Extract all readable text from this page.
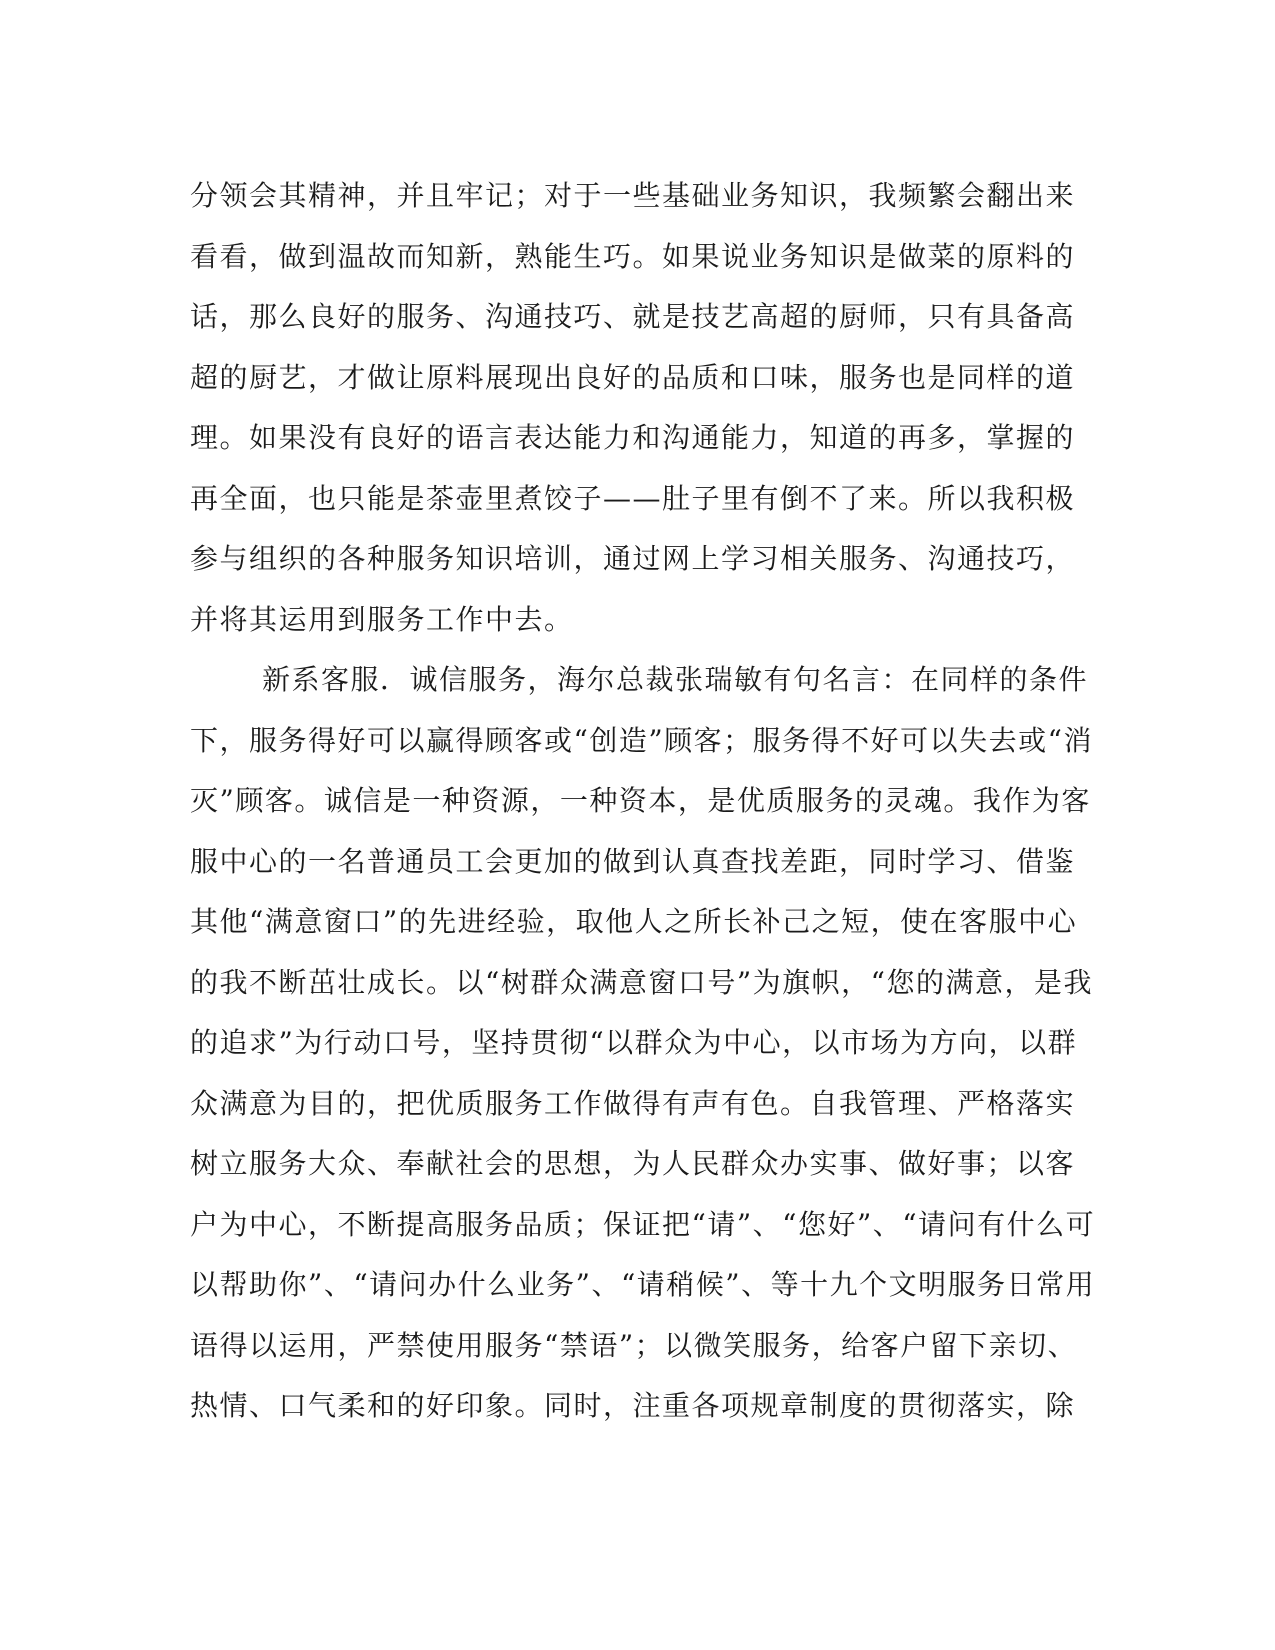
分领会其精神，并且牢记；对于一些基础业务知识，我频繁会翻出来
看看，做到温故而知新，熟能生巧。如果说业务知识是做菜的原料的
话，那么良好的服务、沟通技巧、就是技艺高超的厨师，只有具备高
超的厨艺，才做让原料展现出良好的品质和口味，服务也是同样的道
理。如果没有良好的语言表达能力和沟通能力，知道的再多，掌握的
再全面，也只能是茶壶里煮饺子——肚子里有倒不了来。所以我积极
参与组织的各种服务知识培训，通过网上学习相关服务、沟通技巧，
并将其运用到服务工作中去。
新系客服．诚信服务，海尔总裁张瑞敏有句名言：在同样的条件
下，服务得好可以赢得顾客或“创造”顾客；服务得不好可以失去或“消
灭”顾客。诚信是一种资源，一种资本，是优质服务的灵魂。我作为客
服中心的一名普通员工会更加的做到认真查找差距，同时学习、借鉴
其他“满意窗口”的先进经验，取他人之所长补己之短，使在客服中心
的我不断茁壮成长。以“树群众满意窗口号”为旗帜，“您的满意，是我
的追求”为行动口号，坚持贯彻“以群众为中心，以市场为方向，以群
众满意为目的，把优质服务工作做得有声有色。自我管理、严格落实
树立服务大众、奉献社会的思想，为人民群众办实事、做好事；以客
户为中心，不断提高服务品质；保证把“请”、“您好”、“请问有什么可
以帮助你”、“请问办什么业务”、“请稍候”、等十九个文明服务日常用
语得以运用，严禁使用服务“禁语”；以微笑服务，给客户留下亲切、
热情、口气柔和的好印象。同时，注重各项规章制度的贯彻落实，除
